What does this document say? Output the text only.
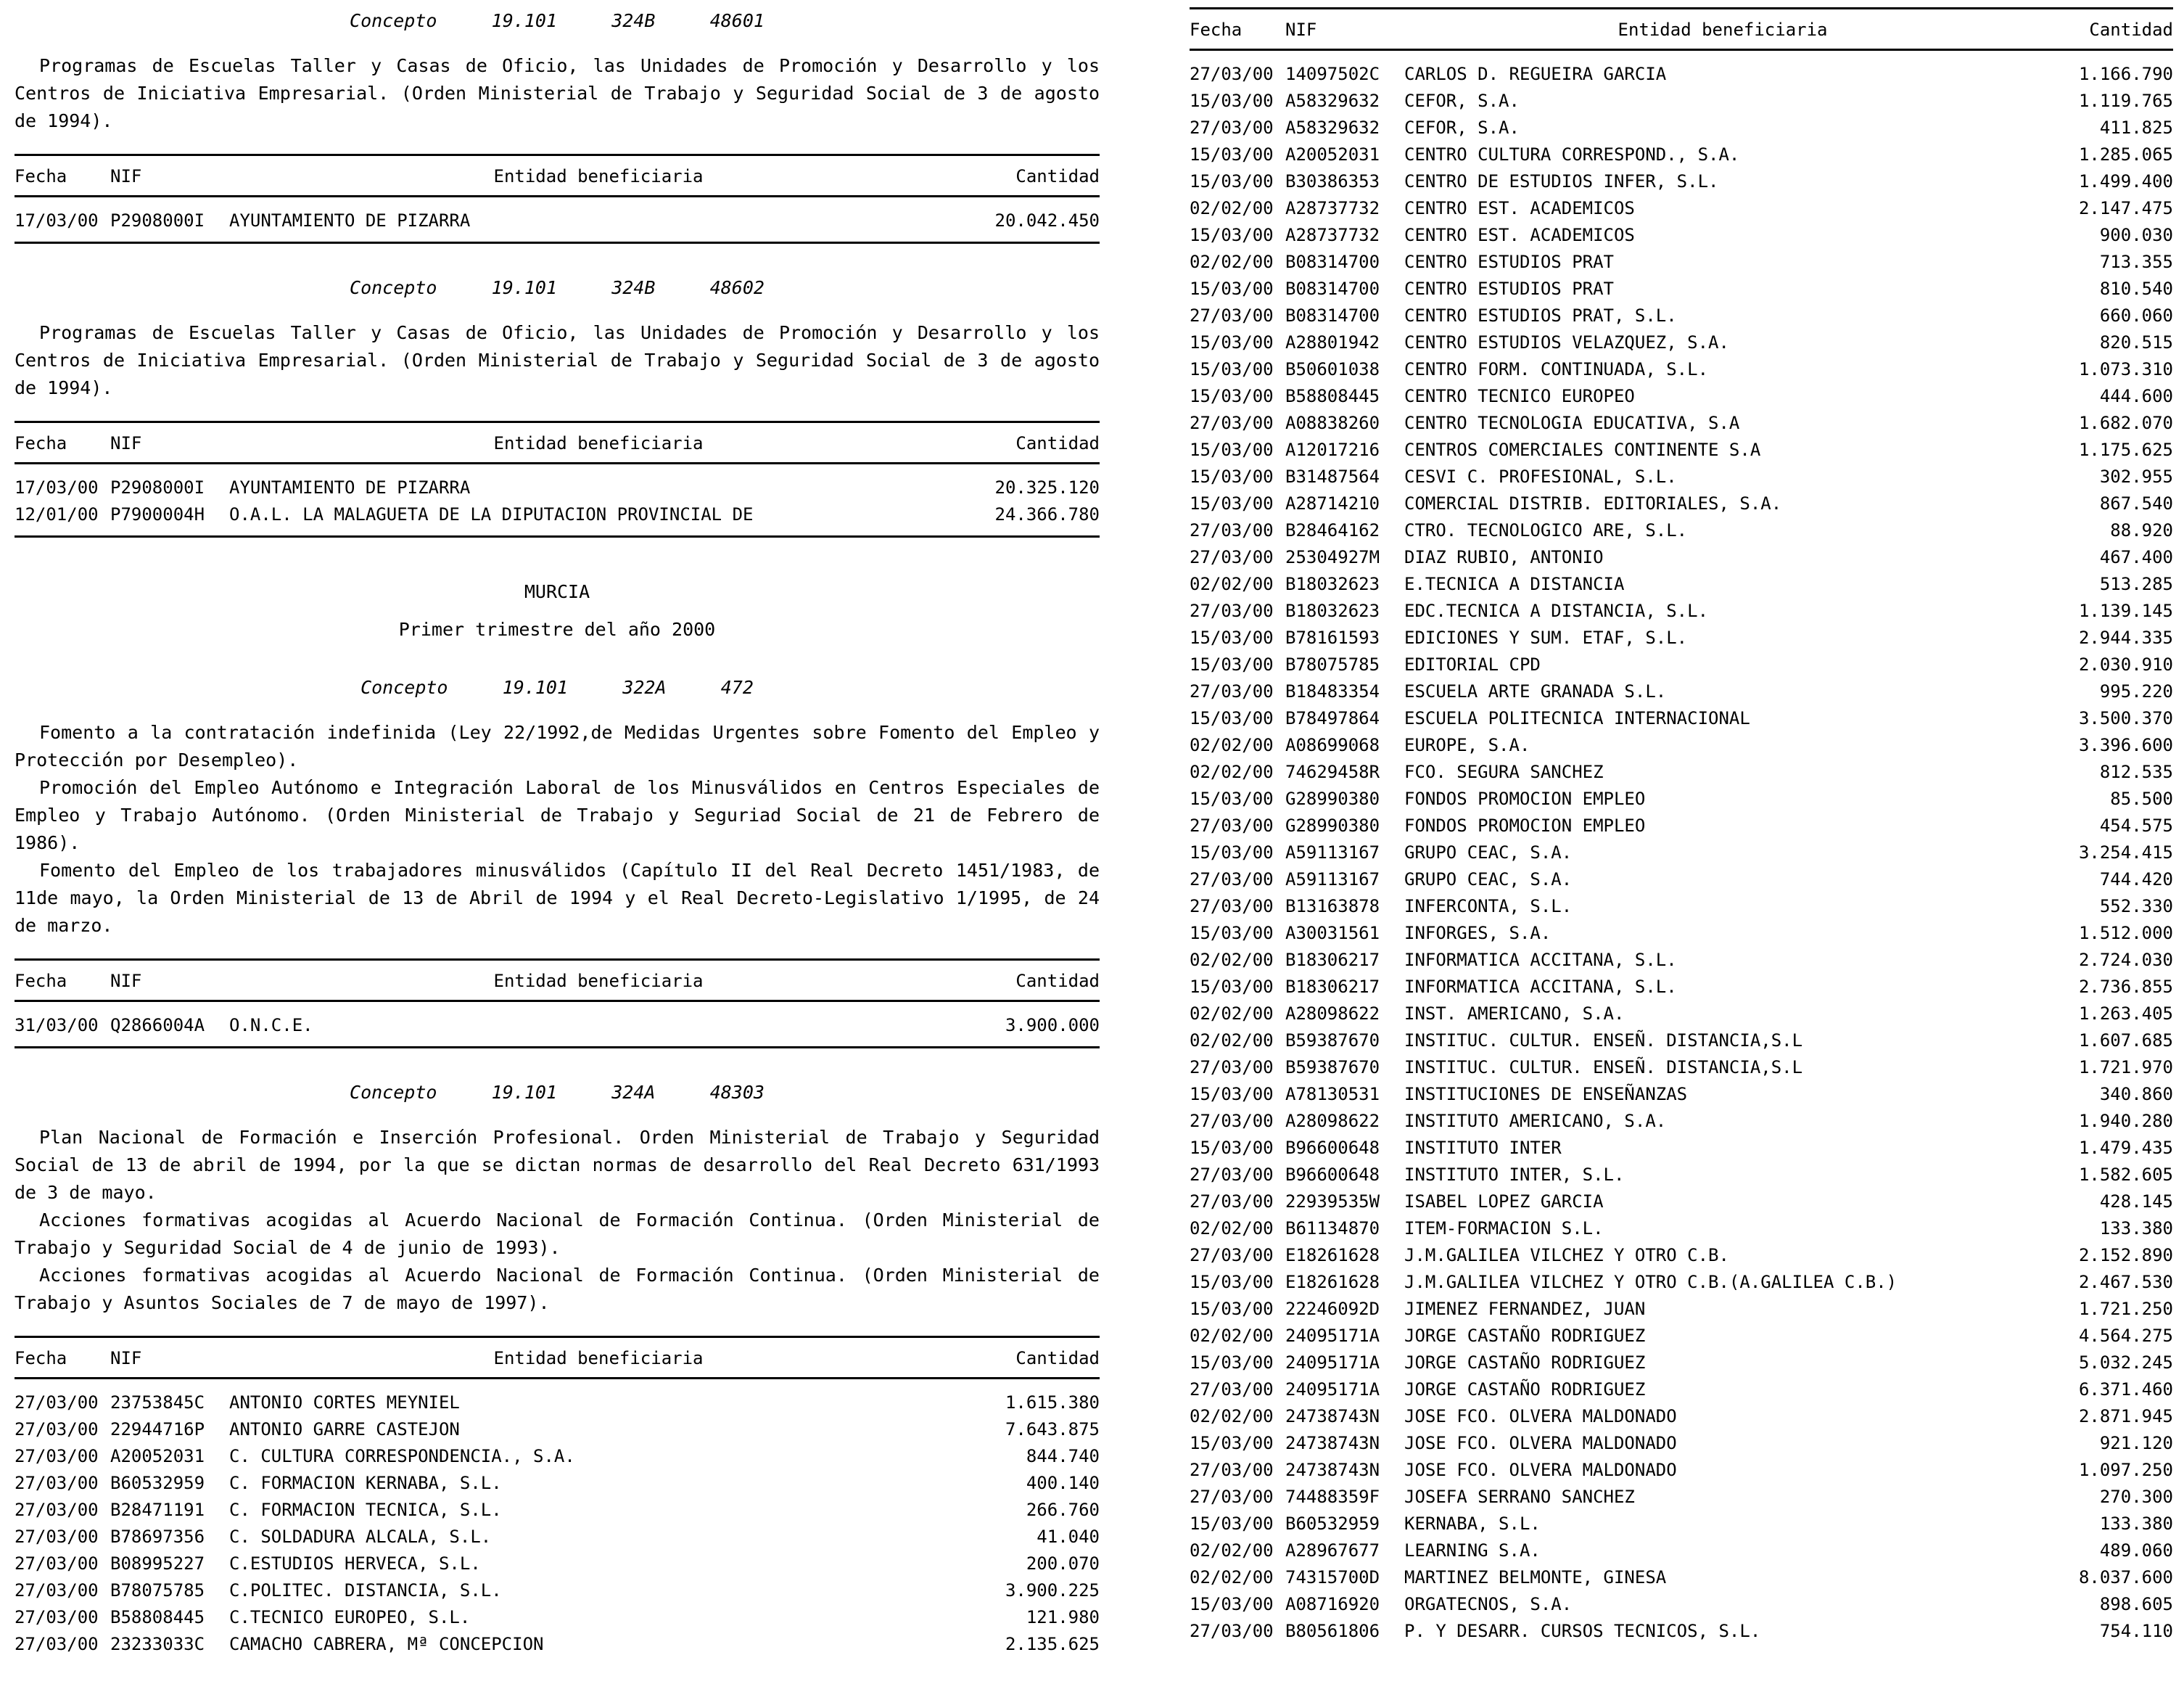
Concepto     19.101     324B     48601

Programas de Escuelas Taller y Casas de Oficio, las Unidades de Promoción y Desarrollo y los Centros de Iniciativa Empresarial. (Orden Ministerial de Trabajo y Seguridad Social de 3 de agosto de 1994).

Fecha	NIF	Entidad beneficiaria	Cantidad
17/03/00	P2908000I	AYUNTAMIENTO DE PIZARRA	20.042.450
Concepto     19.101     324B     48602

Programas de Escuelas Taller y Casas de Oficio, las Unidades de Promoción y Desarrollo y los Centros de Iniciativa Empresarial. (Orden Ministerial de Trabajo y Seguridad Social de 3 de agosto de 1994).

Fecha	NIF	Entidad beneficiaria	Cantidad
17/03/00	P2908000I	AYUNTAMIENTO DE PIZARRA	20.325.120
12/01/00	P7900004H	O.A.L. LA MALAGUETA DE LA DIPUTACION PROVINCIAL DE	24.366.780
MURCIA
Primer trimestre del año 2000
Concepto     19.101     322A     472

Fomento a la contratación indefinida (Ley 22/1992,de Medidas Urgentes sobre Fomento del Empleo y Protección por Desempleo).

Promoción del Empleo Autónomo e Integración Laboral de los Minusválidos en Centros Especiales de Empleo y Trabajo Autónomo. (Orden Ministerial de Trabajo y Seguriad Social de 21 de Febrero de 1986).

Fomento del Empleo de los trabajadores minusválidos (Capítulo II del Real Decreto 1451/1983, de 11de mayo, la Orden Ministerial de 13 de Abril de 1994 y el Real Decreto-Legislativo 1/1995, de 24 de marzo.

Fecha	NIF	Entidad beneficiaria	Cantidad
31/03/00	Q2866004A	O.N.C.E.	3.900.000
Concepto     19.101     324A     48303

Plan Nacional de Formación e Inserción Profesional. Orden Ministerial de Trabajo y Seguridad Social de 13 de abril de 1994, por la que se dictan normas de desarrollo del Real Decreto 631/1993 de 3 de mayo.

Acciones formativas acogidas al Acuerdo Nacional de Formación Continua. (Orden Ministerial de Trabajo y Seguridad Social de 4 de junio de 1993).

Acciones formativas acogidas al Acuerdo Nacional de Formación Continua. (Orden Ministerial de Trabajo y Asuntos Sociales de 7 de mayo de 1997).

Fecha	NIF	Entidad beneficiaria	Cantidad
27/03/00	23753845C	ANTONIO CORTES MEYNIEL	1.615.380
27/03/00	22944716P	ANTONIO GARRE CASTEJON	7.643.875
27/03/00	A20052031	C. CULTURA CORRESPONDENCIA., S.A.	844.740
27/03/00	B60532959	C. FORMACION KERNABA, S.L.	400.140
27/03/00	B28471191	C. FORMACION TECNICA, S.L.	266.760
27/03/00	B78697356	C. SOLDADURA ALCALA, S.L.	41.040
27/03/00	B08995227	C.ESTUDIOS HERVECA, S.L.	200.070
27/03/00	B78075785	C.POLITEC. DISTANCIA, S.L.	3.900.225
27/03/00	B58808445	C.TECNICO EUROPEO, S.L.	121.980
27/03/00	23233033C	CAMACHO CABRERA, Mª CONCEPCION	2.135.625
Fecha	NIF	Entidad beneficiaria	Cantidad
27/03/00	14097502C	CARLOS D. REGUEIRA GARCIA	1.166.790
15/03/00	A58329632	CEFOR, S.A.	1.119.765
27/03/00	A58329632	CEFOR, S.A.	411.825
15/03/00	A20052031	CENTRO CULTURA CORRESPOND., S.A.	1.285.065
15/03/00	B30386353	CENTRO DE ESTUDIOS INFER, S.L.	1.499.400
02/02/00	A28737732	CENTRO EST. ACADEMICOS	2.147.475
15/03/00	A28737732	CENTRO EST. ACADEMICOS	900.030
02/02/00	B08314700	CENTRO ESTUDIOS PRAT	713.355
15/03/00	B08314700	CENTRO ESTUDIOS PRAT	810.540
27/03/00	B08314700	CENTRO ESTUDIOS PRAT, S.L.	660.060
15/03/00	A28801942	CENTRO ESTUDIOS VELAZQUEZ, S.A.	820.515
15/03/00	B50601038	CENTRO FORM. CONTINUADA, S.L.	1.073.310
15/03/00	B58808445	CENTRO TECNICO EUROPEO	444.600
27/03/00	A08838260	CENTRO TECNOLOGIA EDUCATIVA, S.A	1.682.070
15/03/00	A12017216	CENTROS COMERCIALES CONTINENTE S.A	1.175.625
15/03/00	B31487564	CESVI C. PROFESIONAL, S.L.	302.955
15/03/00	A28714210	COMERCIAL DISTRIB. EDITORIALES, S.A.	867.540
27/03/00	B28464162	CTRO. TECNOLOGICO ARE, S.L.	88.920
27/03/00	25304927M	DIAZ RUBIO, ANTONIO	467.400
02/02/00	B18032623	E.TECNICA A DISTANCIA	513.285
27/03/00	B18032623	EDC.TECNICA A DISTANCIA, S.L.	1.139.145
15/03/00	B78161593	EDICIONES Y SUM. ETAF, S.L.	2.944.335
15/03/00	B78075785	EDITORIAL CPD	2.030.910
27/03/00	B18483354	ESCUELA ARTE GRANADA S.L.	995.220
15/03/00	B78497864	ESCUELA POLITECNICA INTERNACIONAL	3.500.370
02/02/00	A08699068	EUROPE, S.A.	3.396.600
02/02/00	74629458R	FCO. SEGURA SANCHEZ	812.535
15/03/00	G28990380	FONDOS PROMOCION EMPLEO	85.500
27/03/00	G28990380	FONDOS PROMOCION EMPLEO	454.575
15/03/00	A59113167	GRUPO CEAC, S.A.	3.254.415
27/03/00	A59113167	GRUPO CEAC, S.A.	744.420
27/03/00	B13163878	INFERCONTA, S.L.	552.330
15/03/00	A30031561	INFORGES, S.A.	1.512.000
02/02/00	B18306217	INFORMATICA ACCITANA, S.L.	2.724.030
15/03/00	B18306217	INFORMATICA ACCITANA, S.L.	2.736.855
02/02/00	A28098622	INST. AMERICANO, S.A.	1.263.405
02/02/00	B59387670	INSTITUC. CULTUR. ENSEÑ. DISTANCIA,S.L	1.607.685
27/03/00	B59387670	INSTITUC. CULTUR. ENSEÑ. DISTANCIA,S.L	1.721.970
15/03/00	A78130531	INSTITUCIONES DE ENSEÑANZAS	340.860
27/03/00	A28098622	INSTITUTO AMERICANO, S.A.	1.940.280
15/03/00	B96600648	INSTITUTO INTER	1.479.435
27/03/00	B96600648	INSTITUTO INTER, S.L.	1.582.605
27/03/00	22939535W	ISABEL LOPEZ GARCIA	428.145
02/02/00	B61134870	ITEM-FORMACION S.L.	133.380
27/03/00	E18261628	J.M.GALILEA VILCHEZ Y OTRO C.B.	2.152.890
15/03/00	E18261628	J.M.GALILEA VILCHEZ Y OTRO C.B.(A.GALILEA C.B.)	2.467.530
15/03/00	22246092D	JIMENEZ FERNANDEZ, JUAN	1.721.250
02/02/00	24095171A	JORGE CASTAÑO RODRIGUEZ	4.564.275
15/03/00	24095171A	JORGE CASTAÑO RODRIGUEZ	5.032.245
27/03/00	24095171A	JORGE CASTAÑO RODRIGUEZ	6.371.460
02/02/00	24738743N	JOSE FCO. OLVERA MALDONADO	2.871.945
15/03/00	24738743N	JOSE FCO. OLVERA MALDONADO	921.120
27/03/00	24738743N	JOSE FCO. OLVERA MALDONADO	1.097.250
27/03/00	74488359F	JOSEFA SERRANO SANCHEZ	270.300
15/03/00	B60532959	KERNABA, S.L.	133.380
02/02/00	A28967677	LEARNING S.A.	489.060
02/02/00	74315700D	MARTINEZ BELMONTE, GINESA	8.037.600
15/03/00	A08716920	ORGATECNOS, S.A.	898.605
27/03/00	B80561806	P. Y DESARR. CURSOS TECNICOS, S.L.	754.110
